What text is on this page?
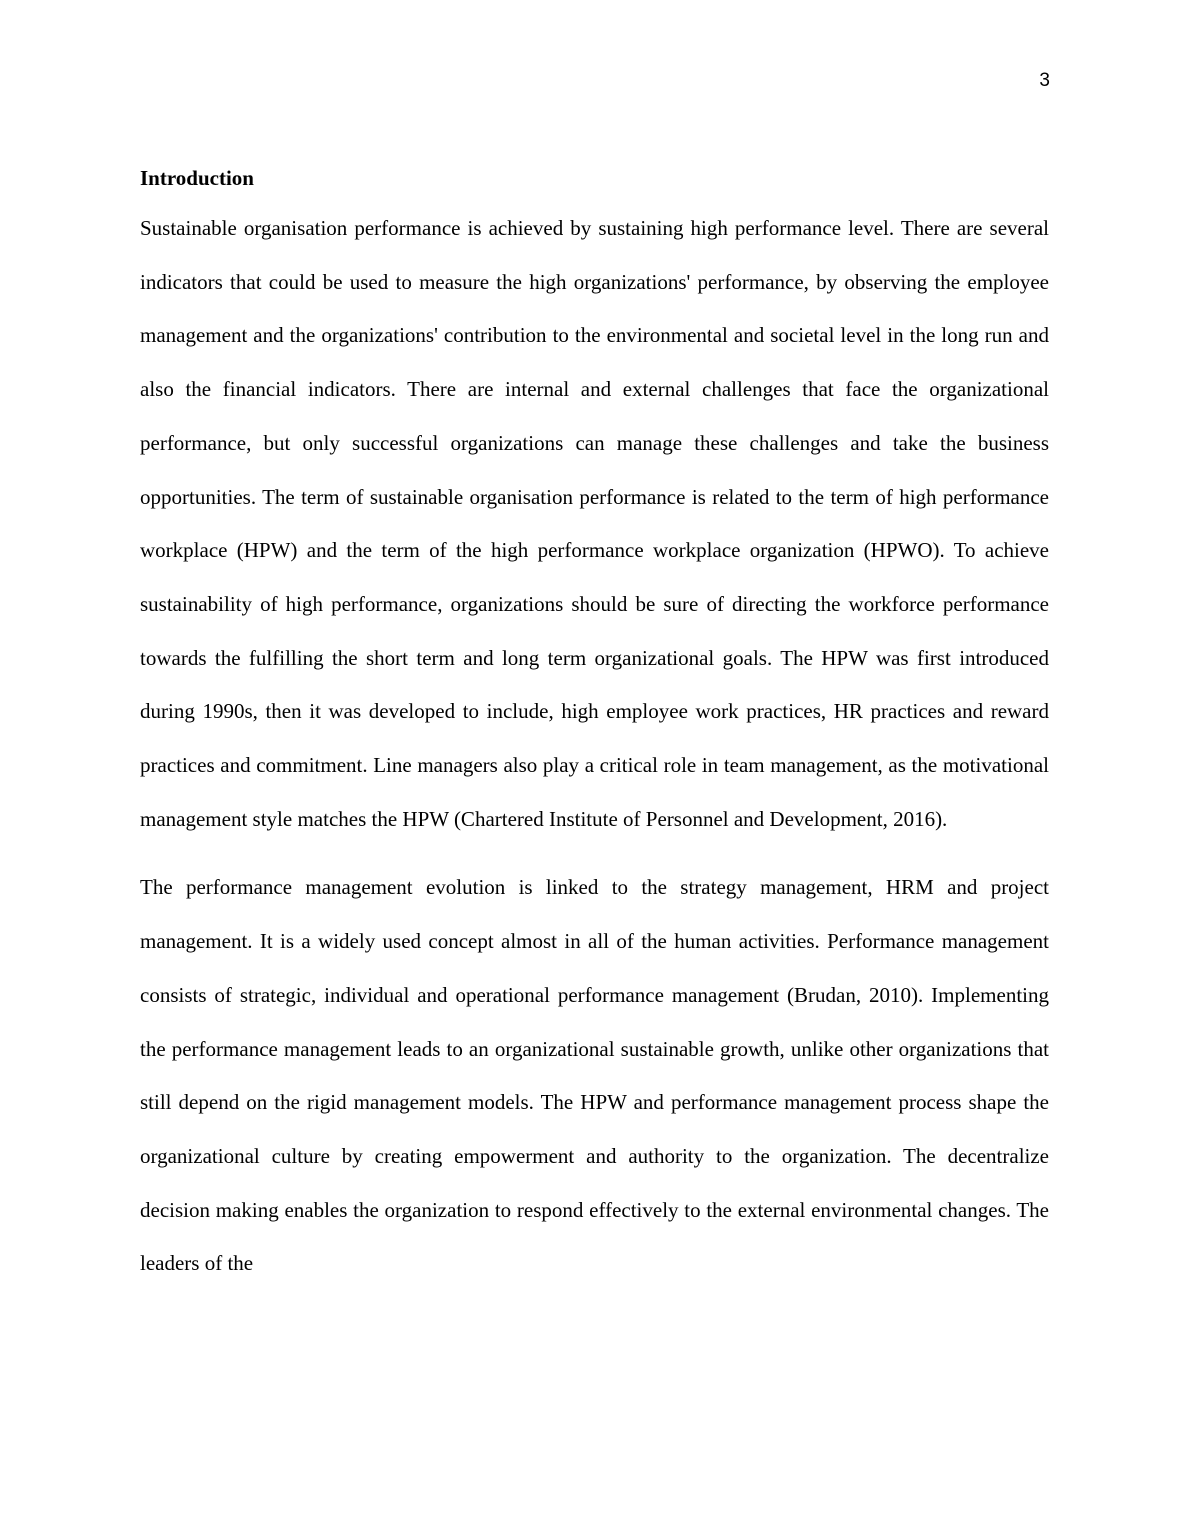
3
Introduction

Sustainable organisation performance is achieved by sustaining high performance level. There are several indicators that could be used to measure the high organizations' performance, by observing the employee management and the organizations' contribution to the environmental and societal level in the long run and also the financial indicators. There are internal and external challenges that face the organizational performance, but only successful organizations can manage these challenges and take the business opportunities. The term of sustainable organisation performance is related to the term of high performance workplace (HPW) and the term of the high performance workplace organization (HPWO). To achieve sustainability of high performance, organizations should be sure of directing the workforce performance towards the fulfilling the short term and long term organizational goals. The HPW was first introduced during 1990s, then it was developed to include, high employee work practices, HR practices and reward practices and commitment. Line managers also play a critical role in team management, as the motivational management style matches the HPW (Chartered Institute of Personnel and Development, 2016).

The performance management evolution is linked to the strategy management, HRM and project management. It is a widely used concept almost in all of the human activities. Performance management consists of strategic, individual and operational performance management (Brudan, 2010). Implementing the performance management leads to an organizational sustainable growth, unlike other organizations that still depend on the rigid management models. The HPW and performance management process shape the organizational culture by creating empowerment and authority to the organization. The decentralize decision making enables the organization to respond effectively to the external environmental changes. The leaders of the
